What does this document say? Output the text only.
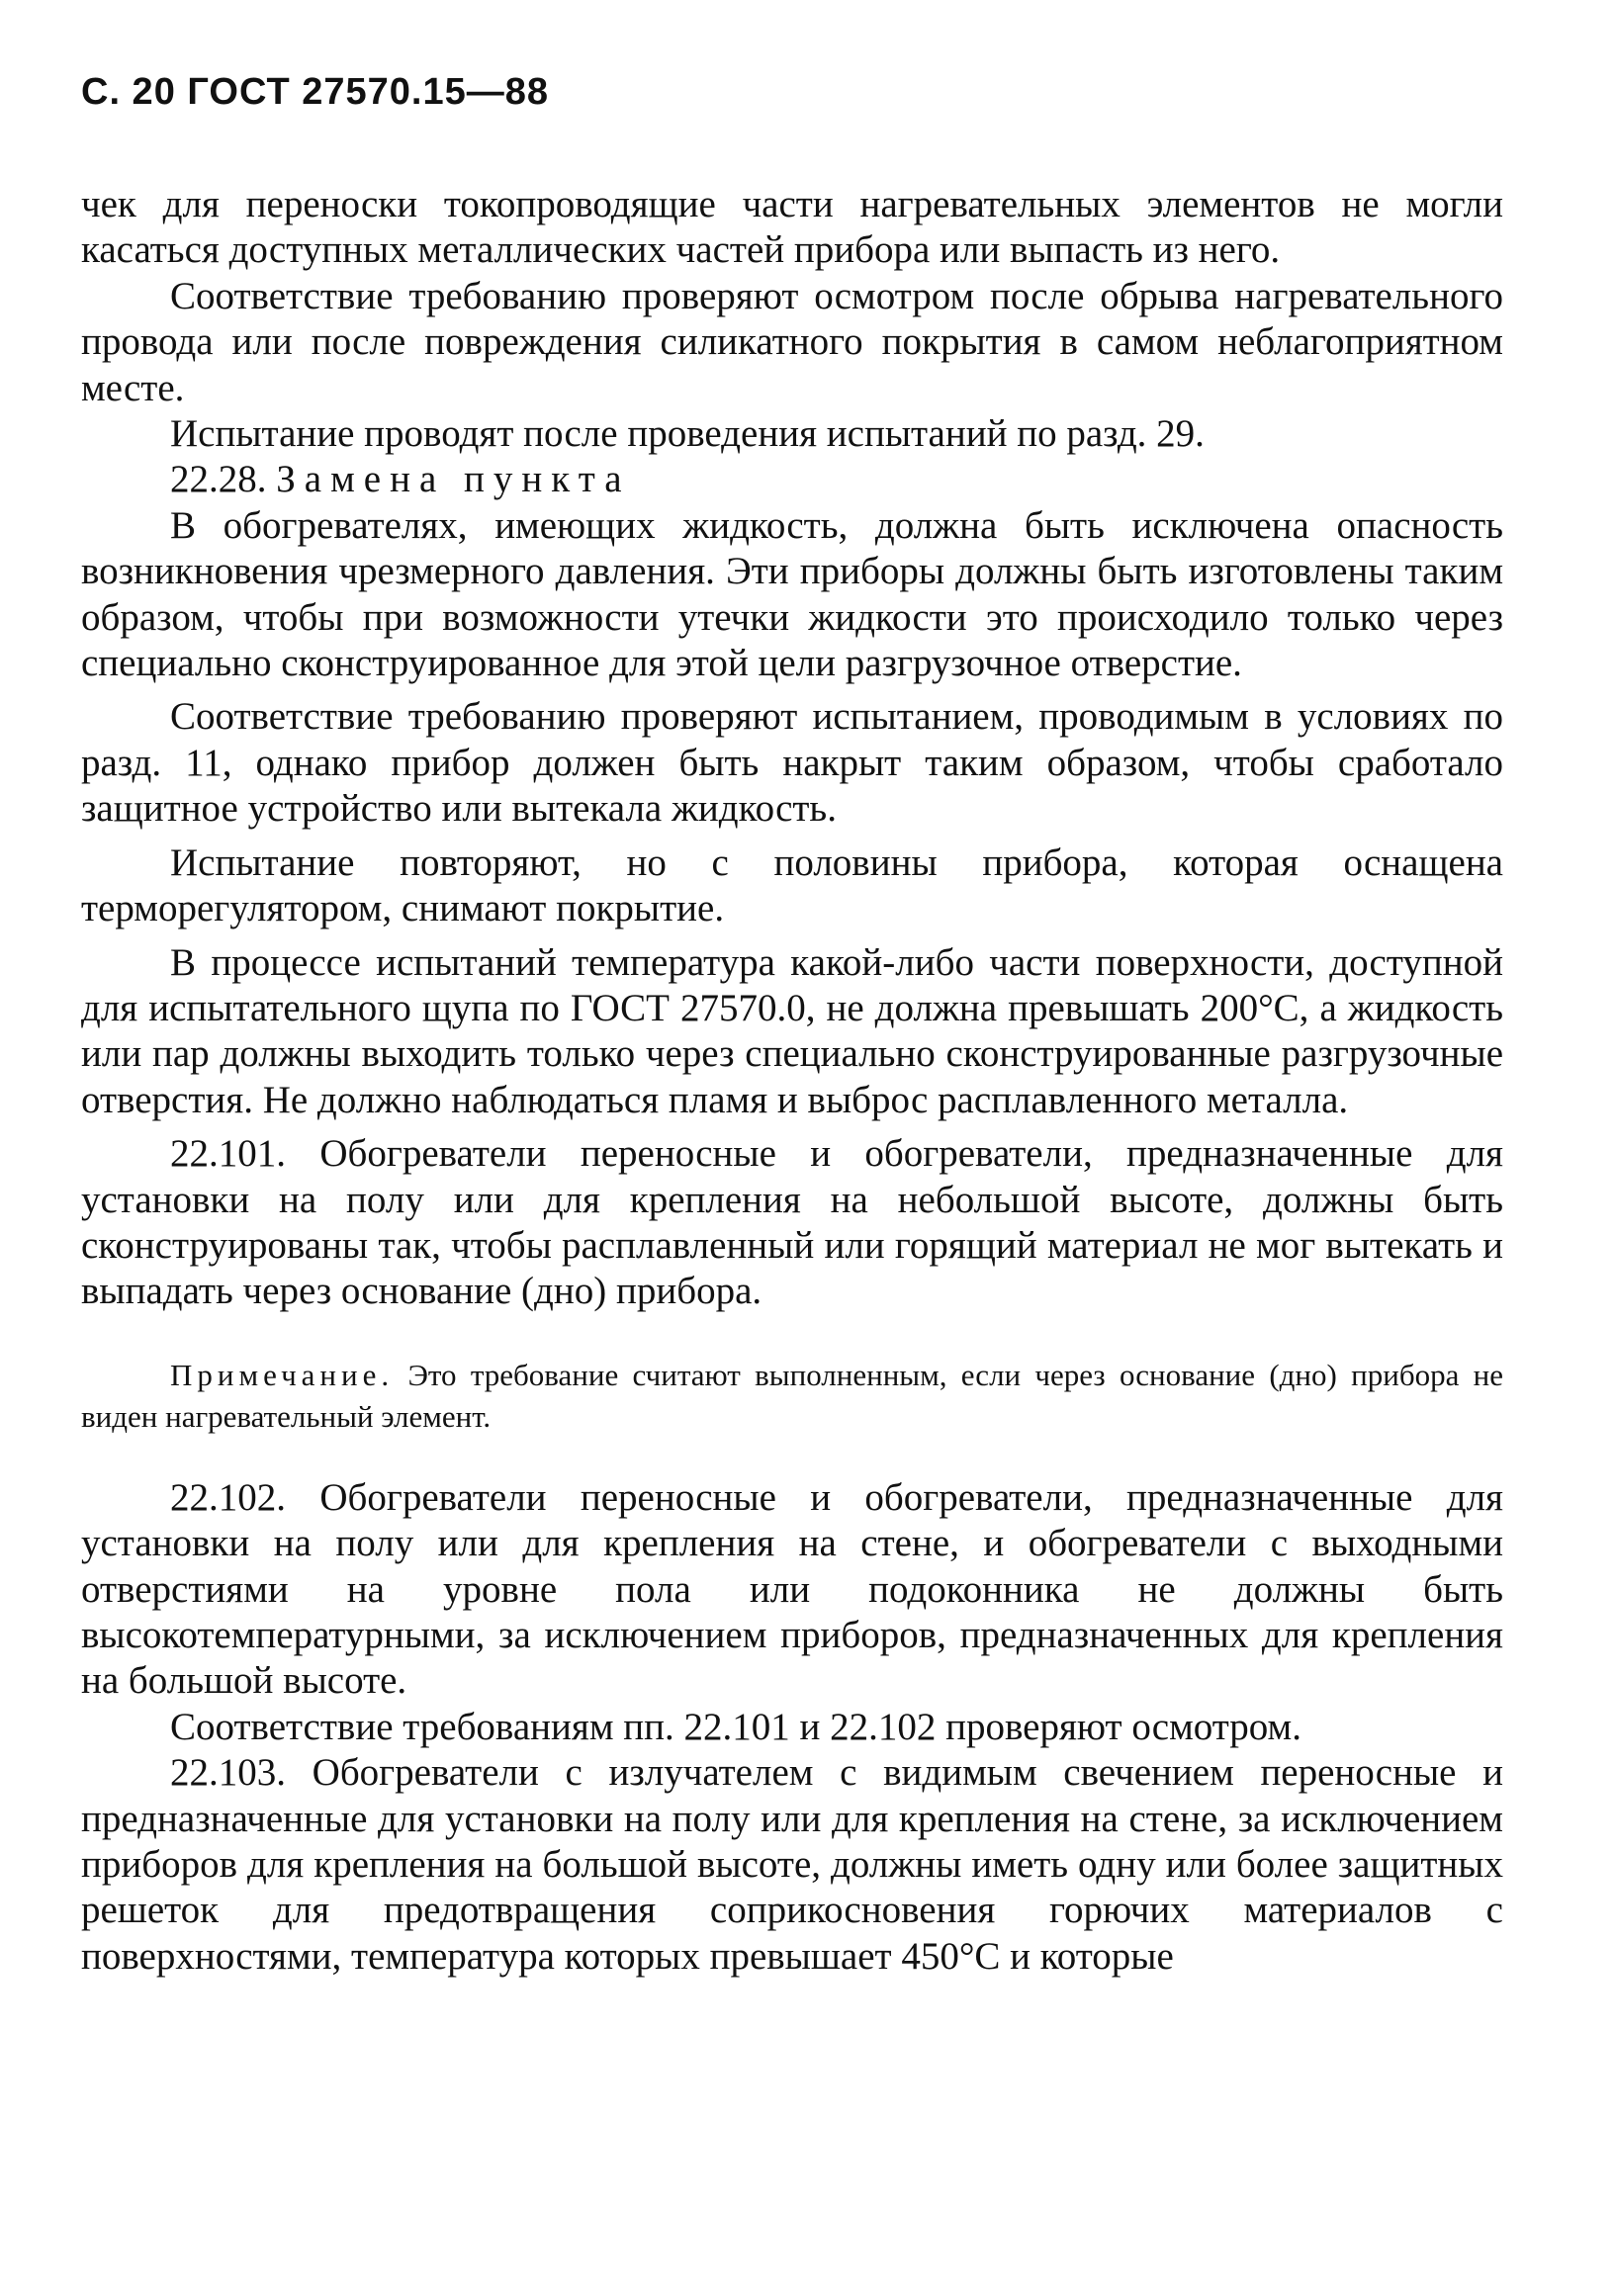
С. 20 ГОСТ 27570.15—88

чек для переноски токопроводящие части нагревательных элементов не могли касаться доступных металлических частей прибора или выпасть из него.

Соответствие требованию проверяют осмотром после обрыва нагревательного провода или после повреждения силикатного покрытия в самом неблагоприятном месте.

Испытание проводят после проведения испытаний по разд. 29.

22.28. Замена пункта

В обогревателях, имеющих жидкость, должна быть исключена опасность возникновения чрезмерного давления. Эти приборы должны быть изготовлены таким образом, чтобы при возможности утечки жидкости это происходило только через специально сконструированное для этой цели разгрузочное отверстие.

Соответствие требованию проверяют испытанием, проводимым в условиях по разд. 11, однако прибор должен быть накрыт таким образом, чтобы сработало защитное устройство или вытекала жидкость.

Испытание повторяют, но с половины прибора, которая оснащена терморегулятором, снимают покрытие.

В процессе испытаний температура какой-либо части поверхности, доступной для испытательного щупа по ГОСТ 27570.0, не должна превышать 200°С, а жидкость или пар должны выходить только через специально сконструированные разгрузочные отверстия. Не должно наблюдаться пламя и выброс расплавленного металла.

22.101. Обогреватели переносные и обогреватели, предназначенные для установки на полу или для крепления на небольшой высоте, должны быть сконструированы так, чтобы расплавленный или горящий материал не мог вытекать и выпадать через основание (дно) прибора.

Примечание. Это требование считают выполненным, если через основание (дно) прибора не виден нагревательный элемент.

22.102. Обогреватели переносные и обогреватели, предназначенные для установки на полу или для крепления на стене, и обогреватели с выходными отверстиями на уровне пола или подоконника не должны быть высокотемпературными, за исключением приборов, предназначенных для крепления на большой высоте.

Соответствие требованиям пп. 22.101 и 22.102 проверяют осмотром.

22.103. Обогреватели с излучателем с видимым свечением переносные и предназначенные для установки на полу или для крепления на стене, за исключением приборов для крепления на большой высоте, должны иметь одну или более защитных решеток для предотвращения соприкосновения горючих материалов с поверхностями, температура которых превышает 450°С и которые
